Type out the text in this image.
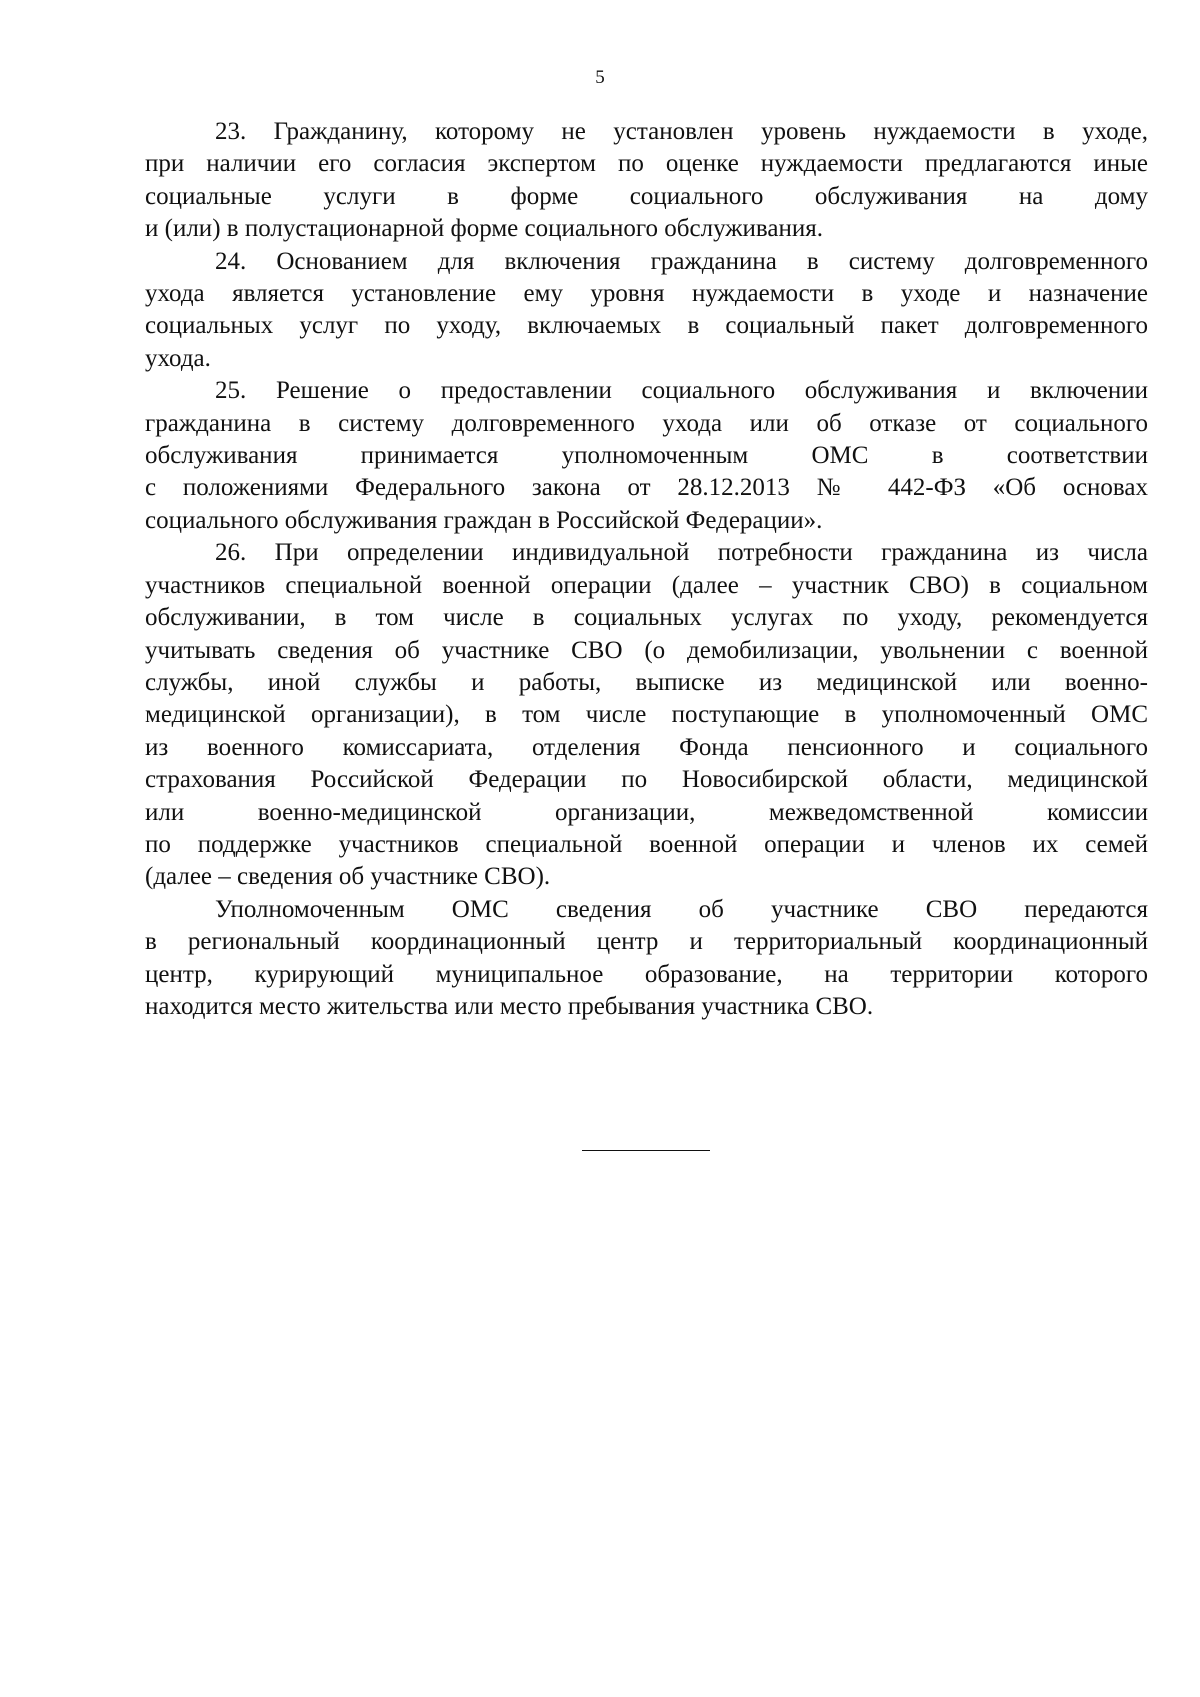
5

23. Гражданину, которому не установлен уровень нуждаемости в уходе,
при наличии его согласия экспертом по оценке нуждаемости предлагаются иные
социальные услуги в форме социального обслуживания на дому
и (или) в полустационарной форме социального обслуживания.

24. Основанием для включения гражданина в систему долговременного
ухода является установление ему уровня нуждаемости в уходе и назначение
социальных услуг по уходу, включаемых в социальный пакет долговременного
ухода.

25. Решение о предоставлении социального обслуживания и включении
гражданина в систему долговременного ухода или об отказе от социального
обслуживания принимается уполномоченным ОМС в соответствии
с положениями Федерального закона от 28.12.2013 № 442-ФЗ «Об основах
социального обслуживания граждан в Российской Федерации».

26. При определении индивидуальной потребности гражданина из числа
участников специальной военной операции (далее – участник СВО) в социальном
обслуживании, в том числе в социальных услугах по уходу, рекомендуется
учитывать сведения об участнике СВО (о демобилизации, увольнении с военной
службы, иной службы и работы, выписке из медицинской или военно-
медицинской организации), в том числе поступающие в уполномоченный ОМС
из военного комиссариата, отделения Фонда пенсионного и социального
страхования Российской Федерации по Новосибирской области, медицинской
или военно-медицинской организации, межведомственной комиссии
по поддержке участников специальной военной операции и членов их семей
(далее – сведения об участнике СВО).

Уполномоченным ОМС сведения об участнике СВО передаются
в региональный координационный центр и территориальный координационный
центр, курирующий муниципальное образование, на территории которого
находится место жительства или место пребывания участника СВО.
